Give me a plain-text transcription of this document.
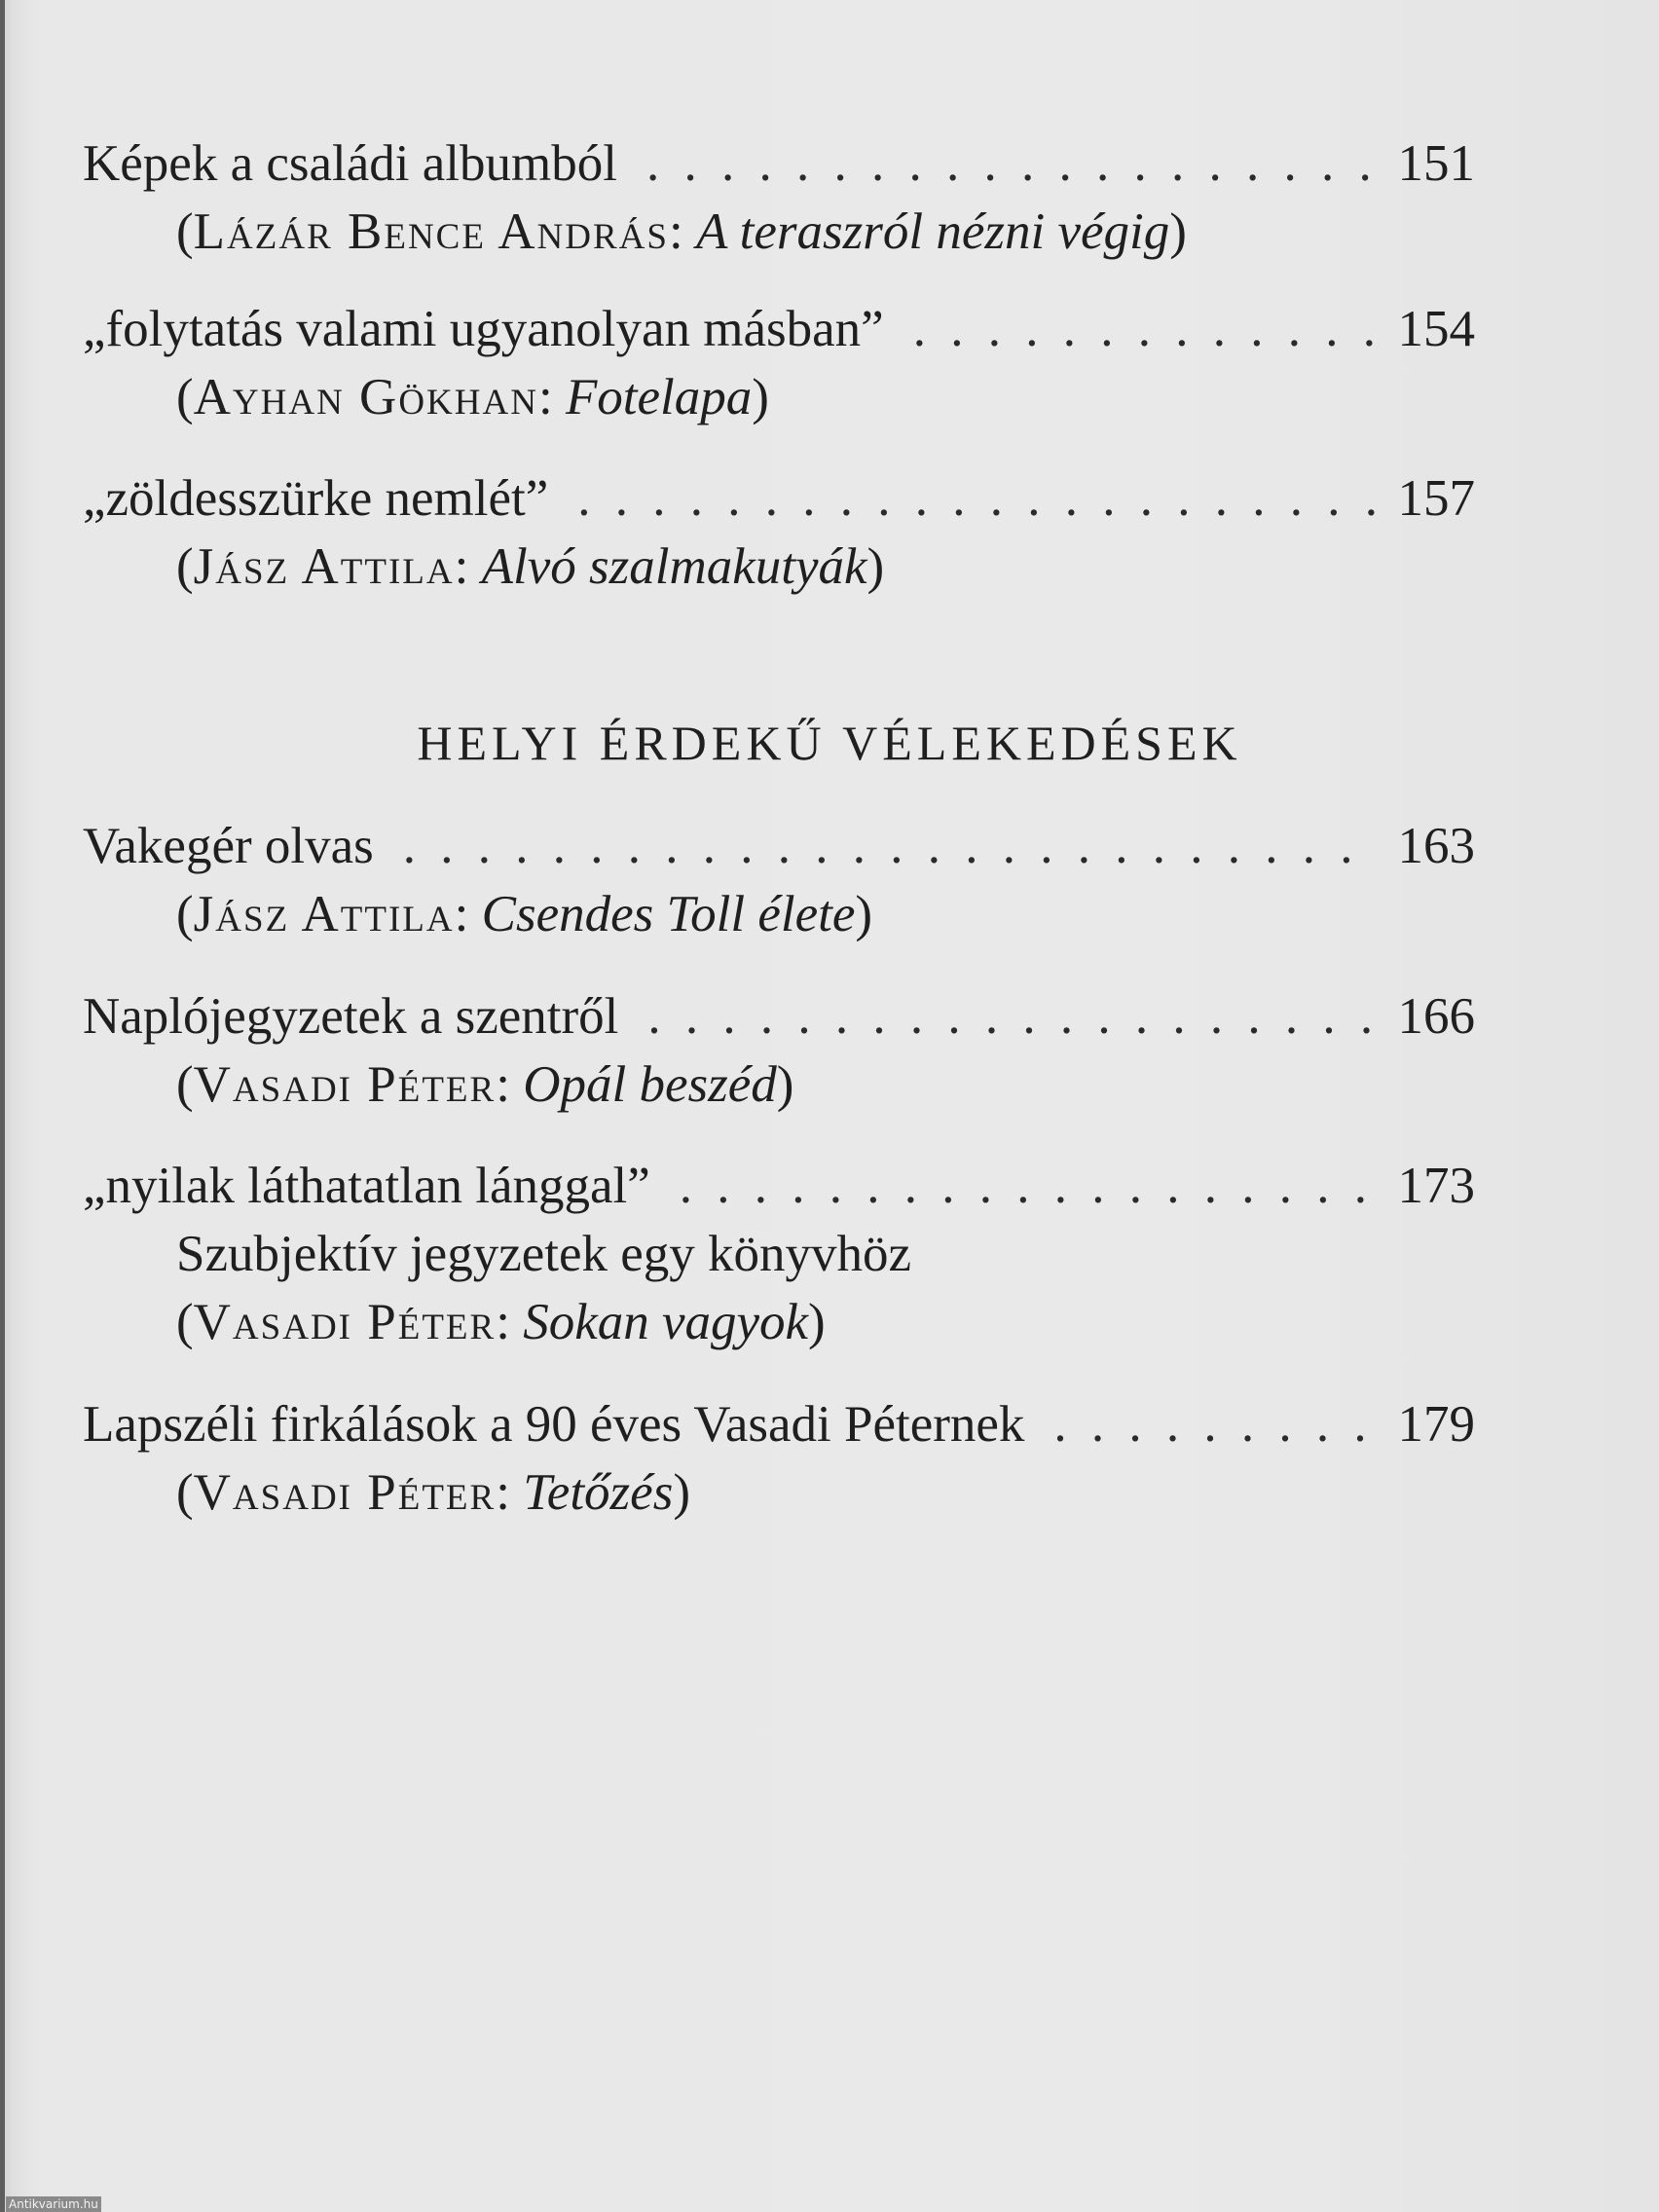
Képek a családi albumból . . .	151
(Lázár Bence András: A teraszról nézni végig)
„folytatás valami ugyanolyan másban” . . .	154
(Ayhan Gökhan: Fotelapa)
„zöldesszürke nemlét” . . .	157
(Jász Attila: Alvó szalmakutyák)
HELYI ÉRDEKŰ VÉLEKEDÉSEK
Vakegér olvas . . .	163
(Jász Attila: Csendes Toll élete)
Naplójegyzetek a szentről . . .	166
(Vasadi Péter: Opál beszéd)
„nyilak láthatatlan lánggal” . . .	173
Szubjektív jegyzetek egy könyvhöz
(Vasadi Péter: Sokan vagyok)
Lapszéli firkálások a 90 éves Vasadi Péternek . . .	179
(Vasadi Péter: Tetőzés)
Antikvarium.hu
